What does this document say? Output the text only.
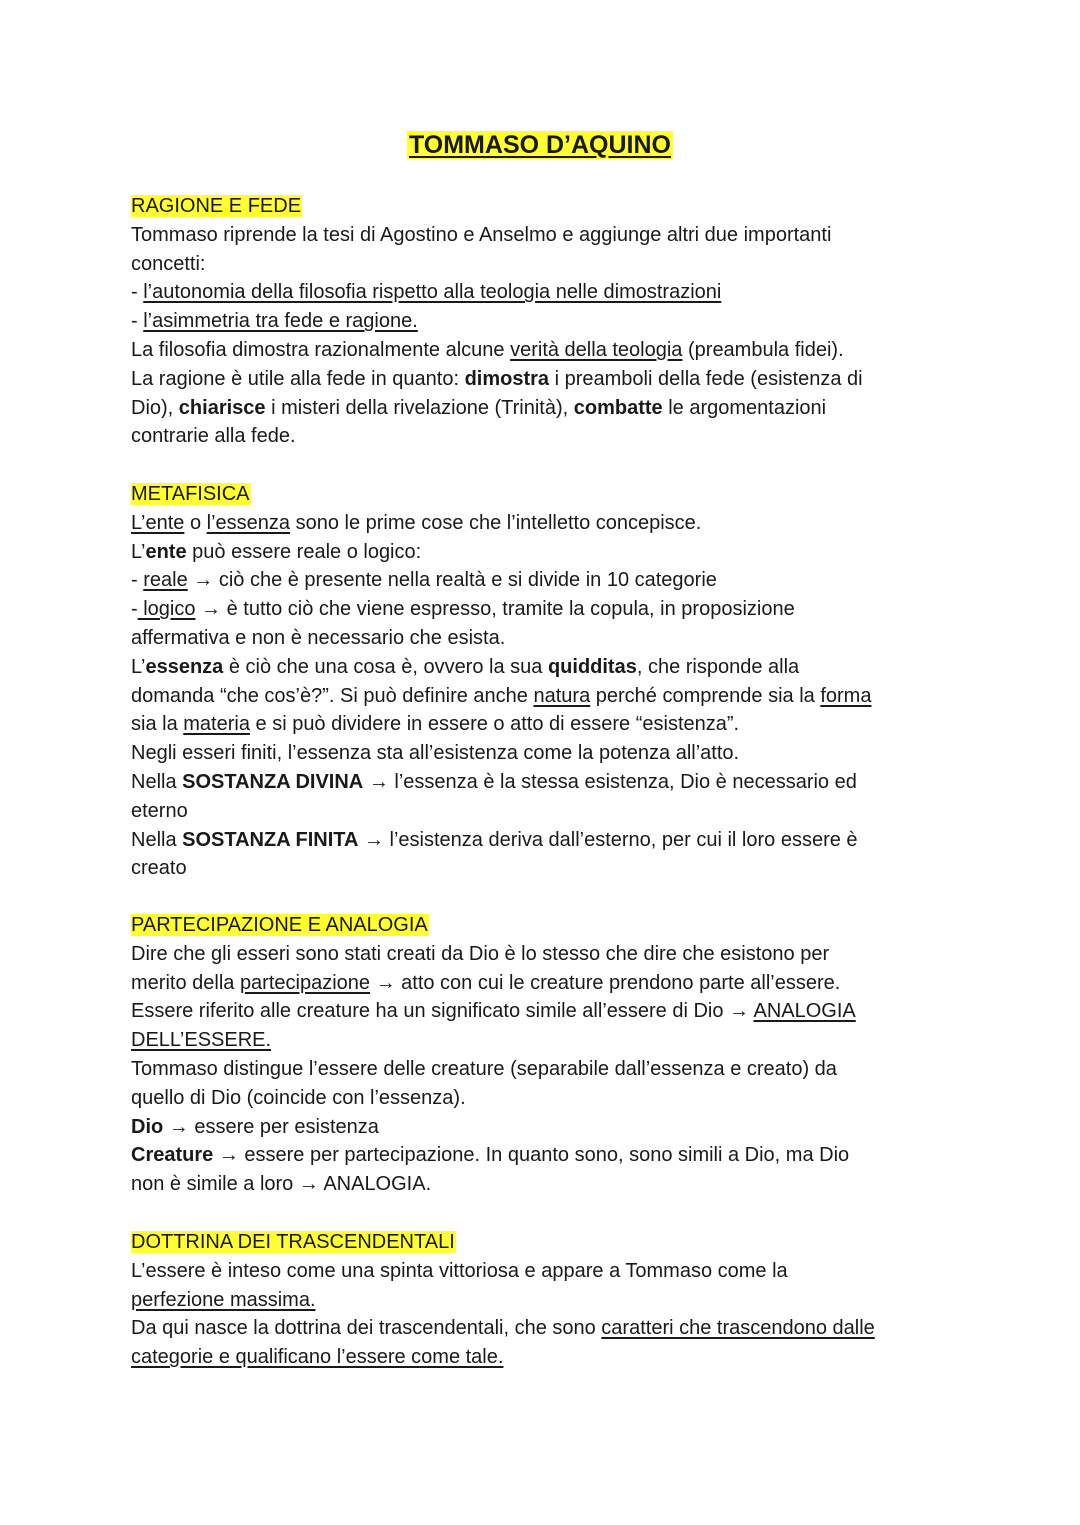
TOMMASO D’AQUINO
RAGIONE E FEDE
Tommaso riprende la tesi di Agostino e Anselmo e aggiunge altri due importanti
concetti:
- l’autonomia della filosofia rispetto alla teologia nelle dimostrazioni
- l’asimmetria tra fede e ragione.
La filosofia dimostra razionalmente alcune verità della teologia (preambula fidei).
La ragione è utile alla fede in quanto: dimostra i preamboli della fede (esistenza di
Dio), chiarisce i misteri della rivelazione (Trinità), combatte le argomentazioni
contrarie alla fede.
METAFISICA
L’ente o l’essenza sono le prime cose che l’intelletto concepisce.
L’ente può essere reale o logico:
- reale → ciò che è presente nella realtà e si divide in 10 categorie
- logico → è tutto ciò che viene espresso, tramite la copula, in proposizione
affermativa e non è necessario che esista.
L’essenza è ciò che una cosa è, ovvero la sua quidditas, che risponde alla
domanda “che cos’è?”. Si può definire anche natura perché comprende sia la forma
sia la materia e si può dividere in essere o atto di essere “esistenza”.
Negli esseri finiti, l’essenza sta all’esistenza come la potenza all’atto.
Nella SOSTANZA DIVINA → l’essenza è la stessa esistenza, Dio è necessario ed
eterno
Nella SOSTANZA FINITA → l’esistenza deriva dall’esterno, per cui il loro essere è
creato
PARTECIPAZIONE E ANALOGIA
Dire che gli esseri sono stati creati da Dio è lo stesso che dire che esistono per
merito della partecipazione → atto con cui le creature prendono parte all’essere.
Essere riferito alle creature ha un significato simile all’essere di Dio → ANALOGIA
DELL’ESSERE.
Tommaso distingue l’essere delle creature (separabile dall’essenza e creato) da
quello di Dio (coincide con l’essenza).
Dio → essere per esistenza
Creature → essere per partecipazione. In quanto sono, sono simili a Dio, ma Dio
non è simile a loro → ANALOGIA.
DOTTRINA DEI TRASCENDENTALI
L’essere è inteso come una spinta vittoriosa e appare a Tommaso come la
perfezione massima.
Da qui nasce la dottrina dei trascendentali, che sono caratteri che trascendono dalle
categorie e qualificano l’essere come tale.
